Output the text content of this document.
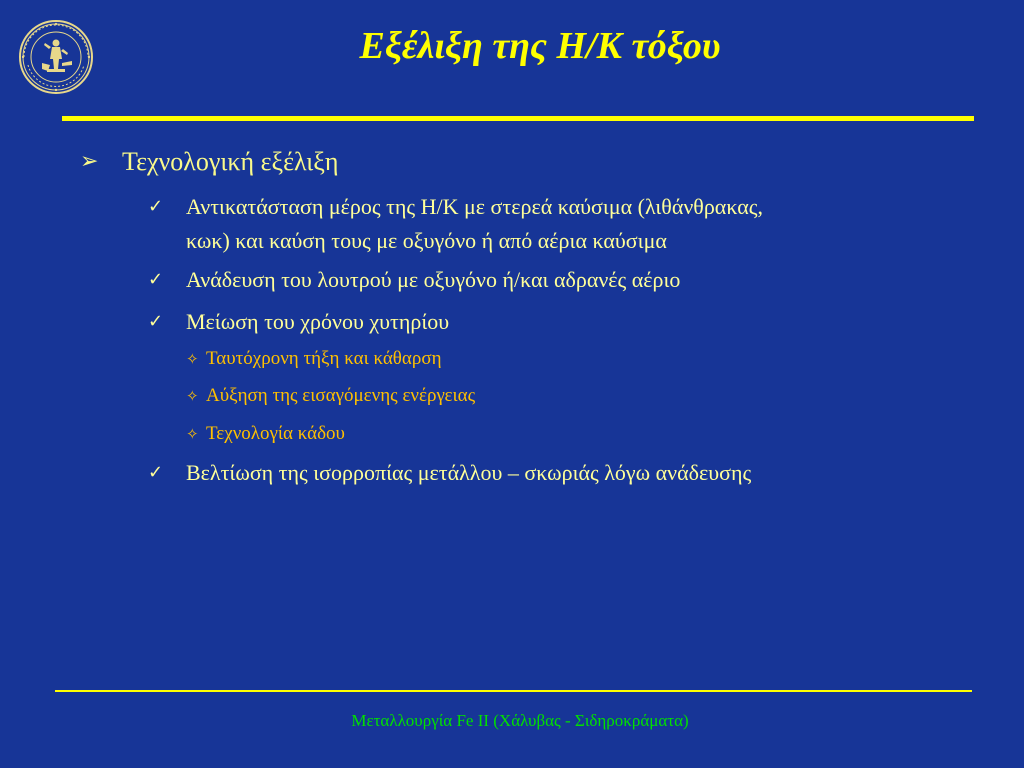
Εξέλιξη της Η/Κ τόξου
➢ Τεχνολογική εξέλιξη
✓ Αντικατάσταση μέρος της Η/Κ με στερεά καύσιμα (λιθάνθρακας,
κωκ) και καύση τους με οξυγόνο ή από αέρια καύσιμα
✓ Ανάδευση του λουτρού με οξυγόνο ή/και αδρανές αέριο
✓ Μείωση του χρόνου χυτηρίου
✧ Ταυτόχρονη τήξη και κάθαρση
✧ Αύξηση της εισαγόμενης ενέργειας
✧ Τεχνολογία κάδου
✓ Βελτίωση της ισορροπίας μετάλλου – σκωριάς λόγω ανάδευσης
Μεταλλουργία Fe II (Χάλυβας - Σιδηροκράματα)
